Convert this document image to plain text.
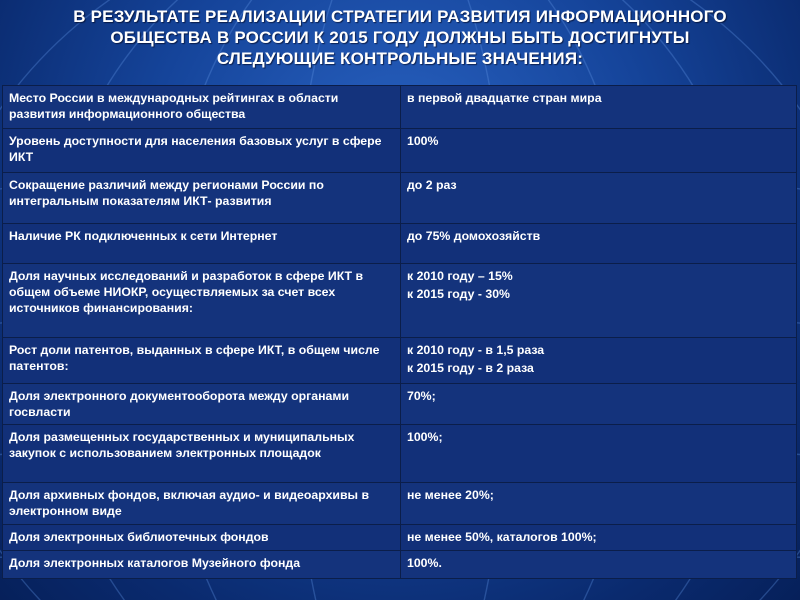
В РЕЗУЛЬТАТЕ РЕАЛИЗАЦИИ СТРАТЕГИИ РАЗВИТИЯ ИНФОРМАЦИОННОГО
ОБЩЕСТВА В РОССИИ К 2015 ГОДУ ДОЛЖНЫ БЫТЬ ДОСТИГНУТЫ
СЛЕДУЮЩИЕ КОНТРОЛЬНЫЕ ЗНАЧЕНИЯ:
Место России в международных рейтингах в области развития информационного общества	в первой двадцатке стран мира

Уровень доступности для населения базовых услуг в сфере ИКТ	100%

Сокращение различий между регионами России по интегральным показателям ИКТ- развития	до 2 раз

Наличие РК подключенных к сети Интернет	до 75% домохозяйств

Доля научных исследований и разработок в сфере ИКТ в общем объеме НИОКР, осуществляемых за счет всех источников финансирования:	к 2010 году – 15%
к 2015 году - 30%

Рост доли патентов, выданных в сфере ИКТ, в общем числе патентов:	к 2010 году - в 1,5 раза
к 2015 году - в 2 раза

Доля электронного документооборота между органами госвласти	70%;

Доля размещенных государственных и муниципальных закупок с использованием электронных площадок	100%;

Доля архивных фондов, включая аудио- и видеоархивы в электронном виде	не менее 20%;

Доля электронных библиотечных фондов	не менее 50%, каталогов 100%;

Доля электронных каталогов Музейного фонда	100%.
